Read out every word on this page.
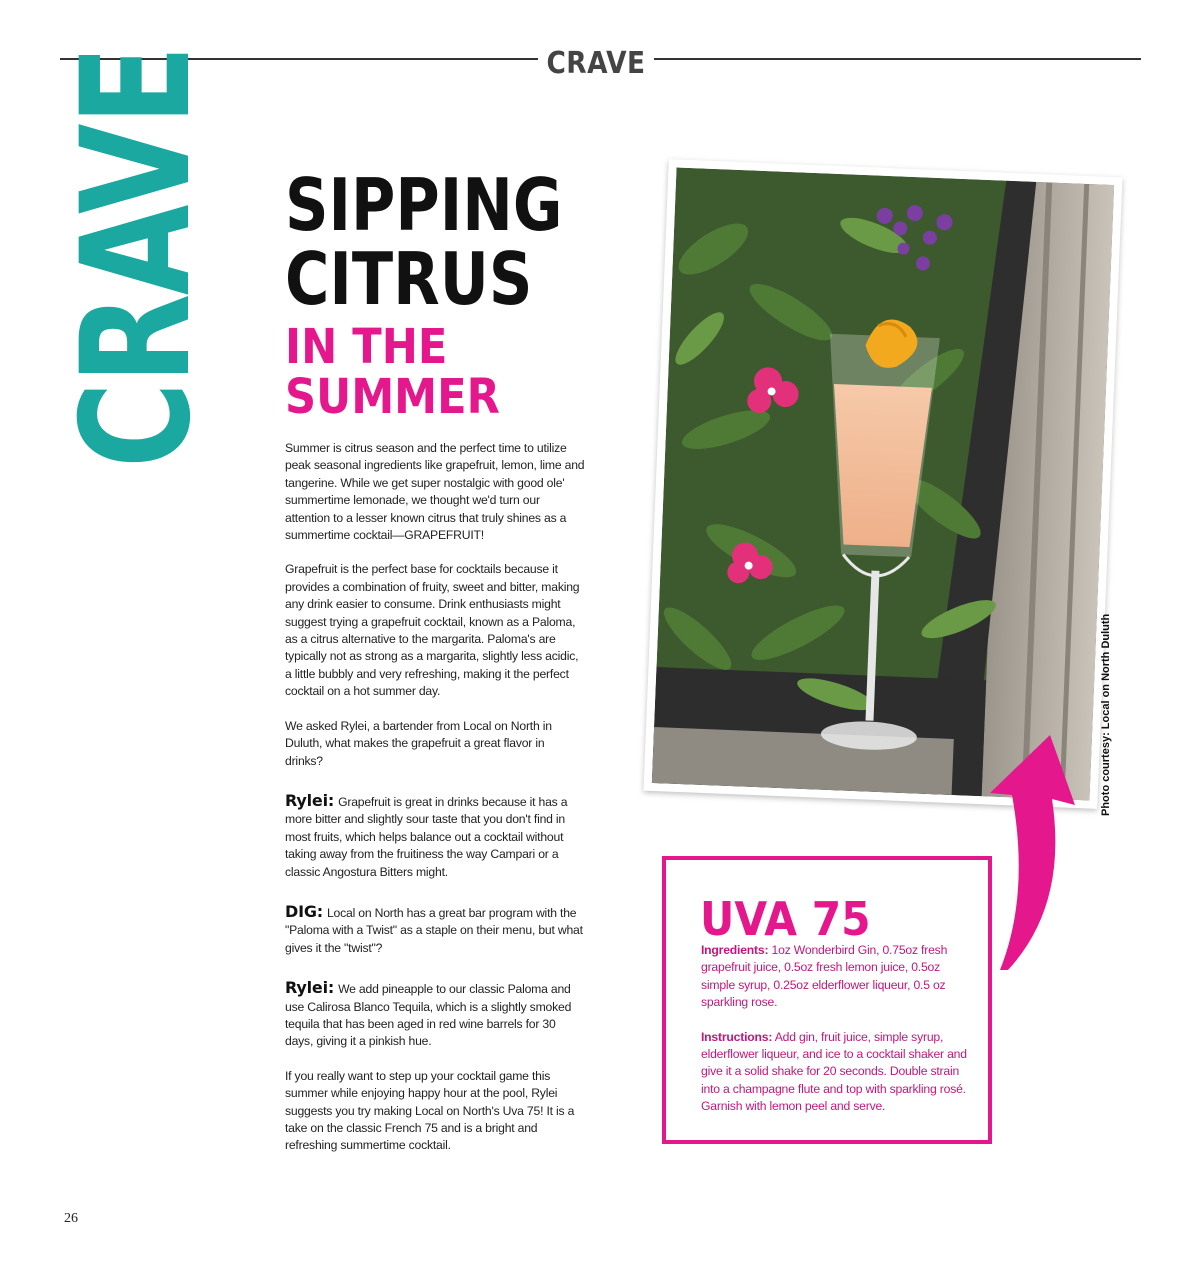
CRAVE
CRAVE SIPPING
CITRUS
IN THE
SUMMER

Summer is citrus season and the perfect time to utilize peak seasonal ingredients like grapefruit, lemon, lime and tangerine. While we get super nostalgic with good ole' summertime lemonade, we thought we'd turn our attention to a lesser known citrus that truly shines as a summertime cocktail—GRAPEFRUIT!

Grapefruit is the perfect base for cocktails because it provides a combination of fruity, sweet and bitter, making any drink easier to consume. Drink enthusiasts might suggest trying a grapefruit cocktail, known as a Paloma, as a citrus alternative to the margarita. Paloma's are typically not as strong as a margarita, slightly less acidic, a little bubbly and very refreshing, making it the perfect cocktail on a hot summer day.

We asked Rylei, a bartender from Local on North in Duluth, what makes the grapefruit a great flavor in drinks?

Rylei: Grapefruit is great in drinks because it has a more bitter and slightly sour taste that you don't find in most fruits, which helps balance out a cocktail without taking away from the fruitiness the way Campari or a classic Angostura Bitters might.

DIG: Local on North has a great bar program with the "Paloma with a Twist" as a staple on their menu, but what gives it the "twist"?

Rylei: We add pineapple to our classic Paloma and use Calirosa Blanco Tequila, which is a slightly smoked tequila that has been aged in red wine barrels for 30 days, giving it a pinkish hue.

If you really want to step up your cocktail game this summer while enjoying happy hour at the pool, Rylei suggests you try making Local on North's Uva 75! It is a take on the classic French 75 and is a bright and refreshing summertime cocktail.

Photo courtesy: Local on North Duluth
UVA 75

Ingredients: 1oz Wonderbird Gin, 0.75oz fresh grapefruit juice, 0.5oz fresh lemon juice, 0.5oz simple syrup, 0.25oz elderflower liqueur, 0.5 oz sparkling rose.

Instructions: Add gin, fruit juice, simple syrup, elderflower liqueur, and ice to a cocktail shaker and give it a solid shake for 20 seconds. Double strain into a champagne flute and top with sparkling rosé. Garnish with lemon peel and serve.

26
